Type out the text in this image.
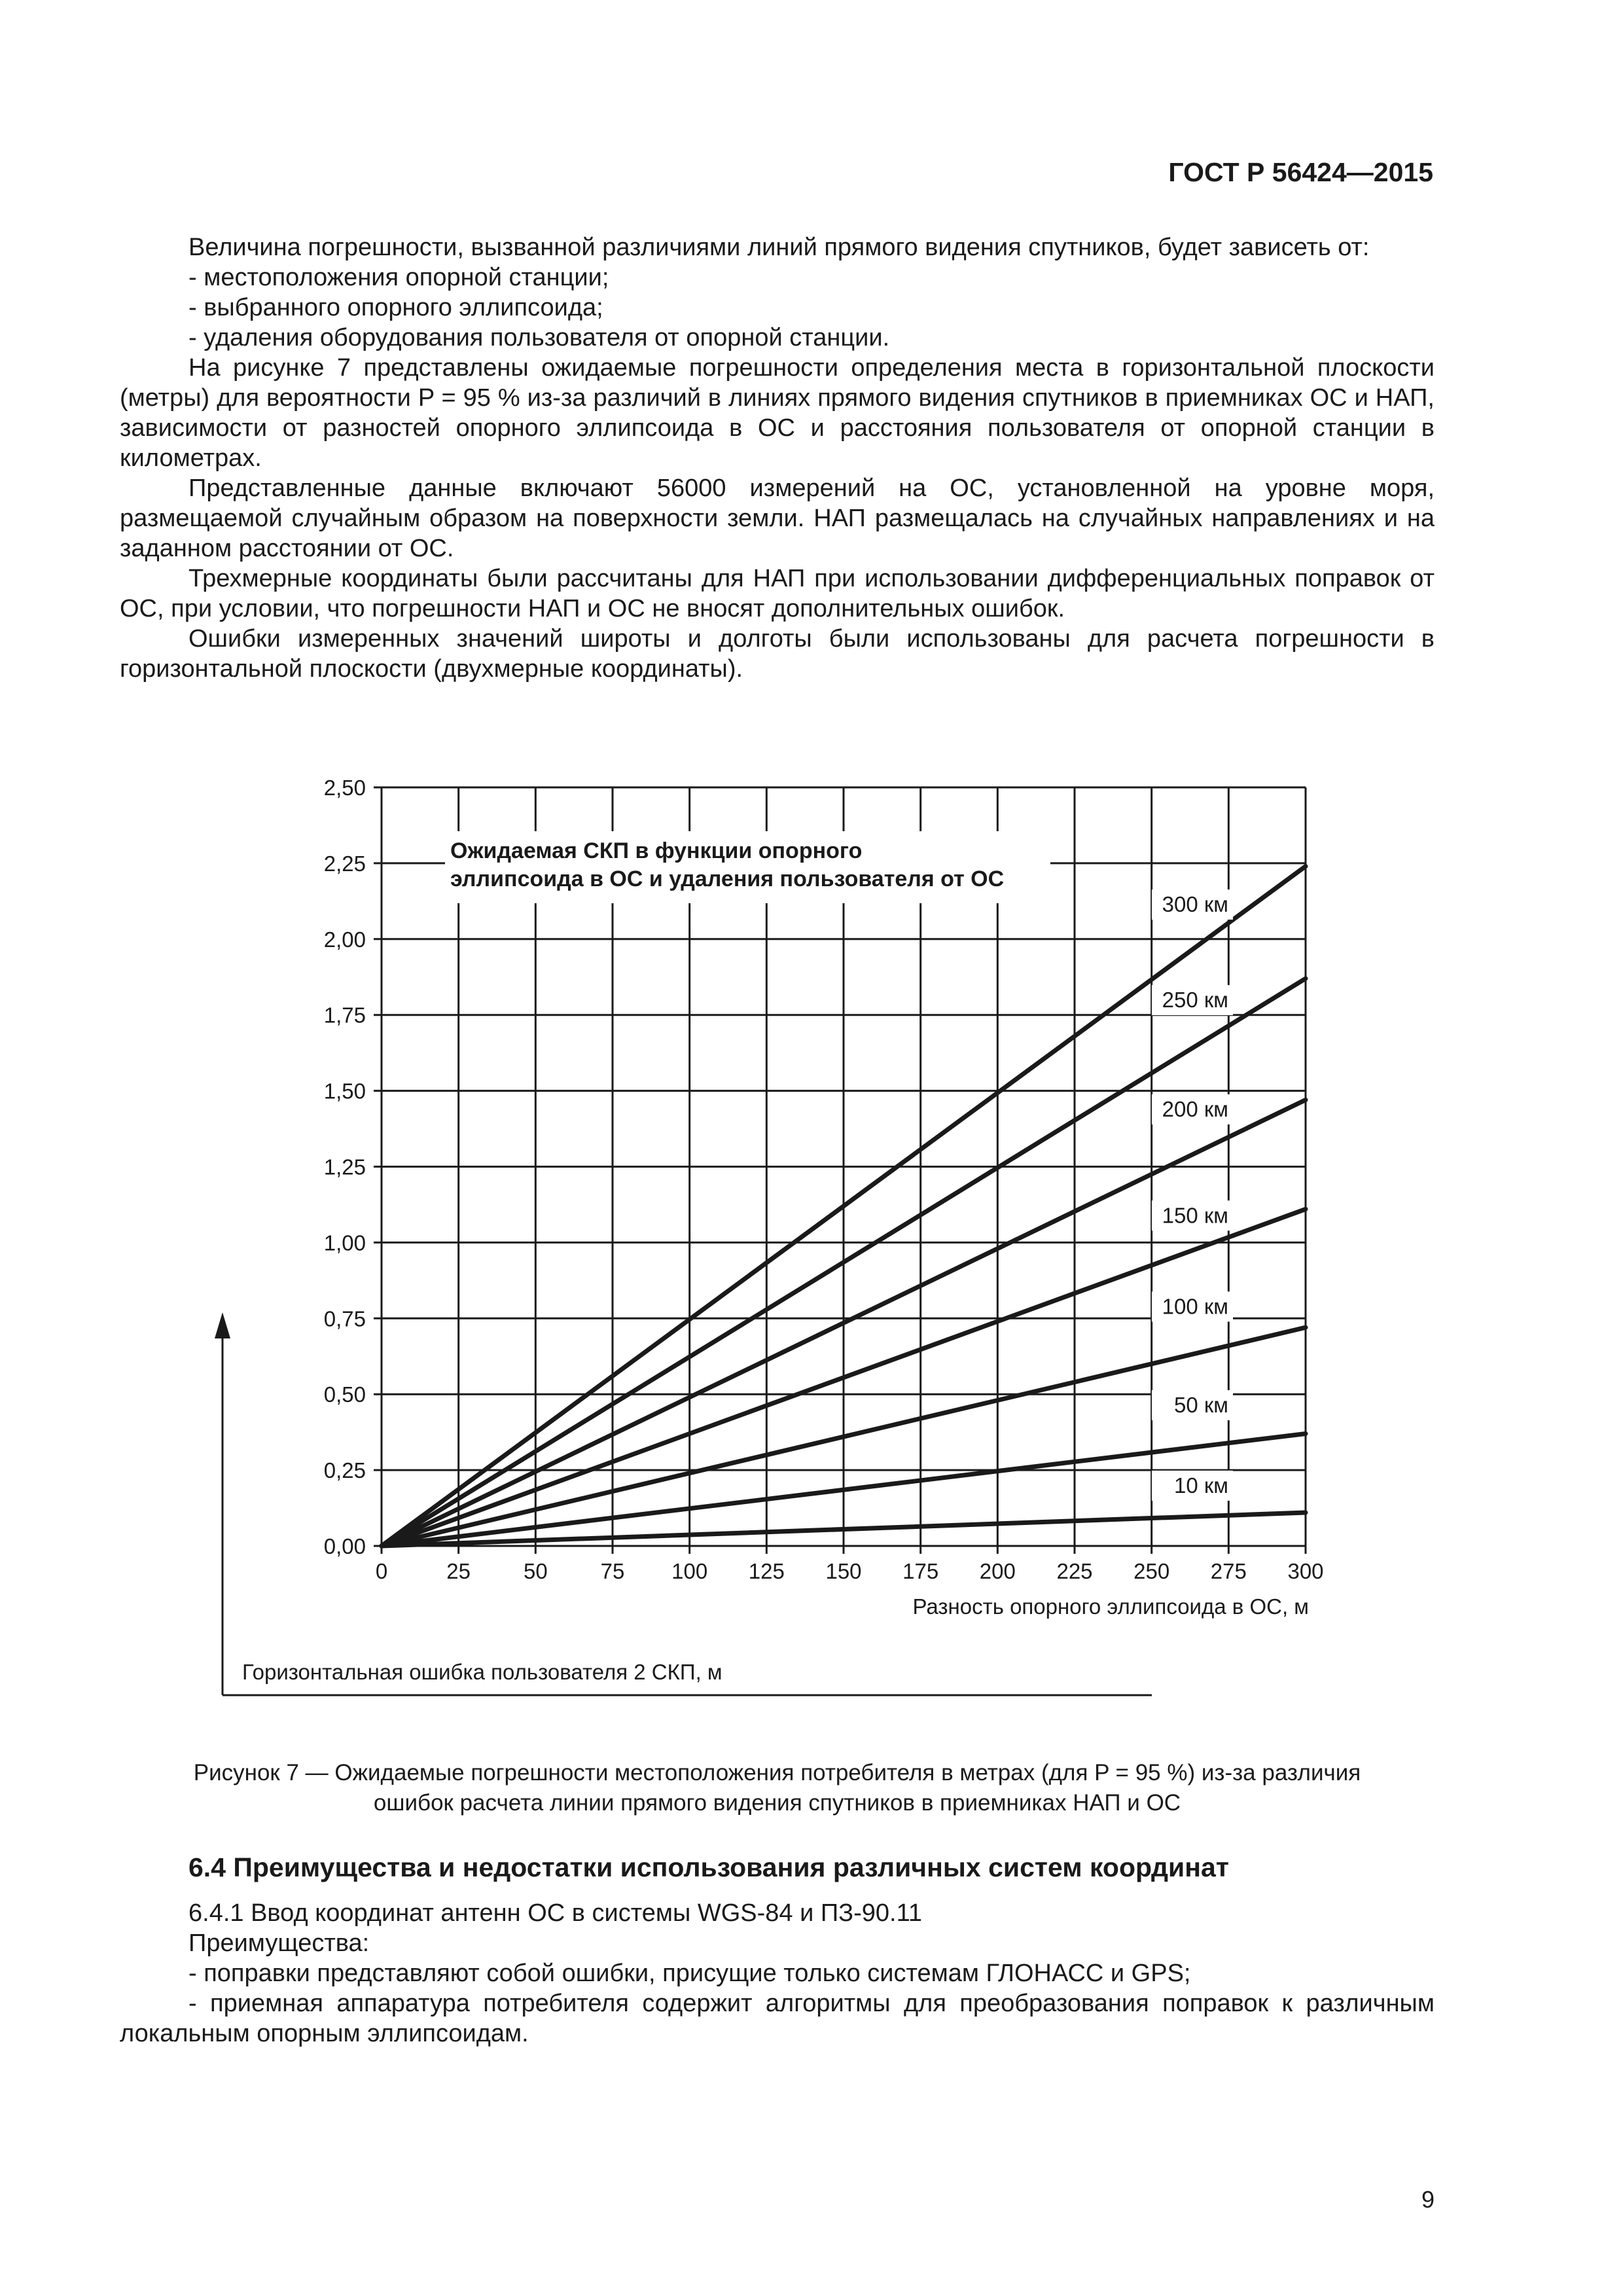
ГОСТ Р 56424—2015

Величина погрешности, вызванной различиями линий прямого видения спутников, будет зависеть от:

- местоположения опорной станции;

- выбранного опорного эллипсоида;

- удаления оборудования пользователя от опорной станции.

На рисунке 7 представлены ожидаемые погрешности определения места в горизонтальной плоскости (метры) для вероятности P = 95 % из-за различий в линиях прямого видения спутников в приемниках ОС и НАП, зависимости от разностей опорного эллипсоида в ОС и расстояния пользователя от опорной станции в километрах.

Представленные данные включают 56000 измерений на ОС, установленной на уровне моря, размещаемой случайным образом на поверхности земли. НАП размещалась на случайных направлениях и на заданном расстоянии от ОС.

Трехмерные координаты были рассчитаны для НАП при использовании дифференциальных поправок от ОС, при условии, что погрешности НАП и ОС не вносят дополнительных ошибок.

Ошибки измеренных значений широты и долготы были использованы для расчета погрешности в горизонтальной плоскости (двухмерные координаты).

0	25 50 75 100 125 150 175 200 225 250 275 300
0,00
0,25
0,50
0,75
1,00
1,25
1,50
1,75
2,00
2,25
2,50
Ожидаемая СКП в функции опорного
эллипсоида в ОС и удаления пользователя от ОС
10 км
50 км
100 км
150 км
200 км
250 км
300 км
Разность опорного эллипсоида в ОС, м
Горизонтальная ошибка пользователя 2 СКП, м
Рисунок 7 — Ожидаемые погрешности местоположения потребителя в метрах (для P = 95 %) из-за различия
ошибок расчета линии прямого видения спутников в приемниках НАП и ОС
6.4 Преимущества и недостатки использования различных систем координат

6.4.1 Ввод координат антенн ОС в системы WGS-84 и ПЗ-90.11

Преимущества:

- поправки представляют собой ошибки, присущие только системам ГЛОНАСС и GPS;

- приемная аппаратура потребителя содержит алгоритмы для преобразования поправок к различным локальным опорным эллипсоидам.

9
